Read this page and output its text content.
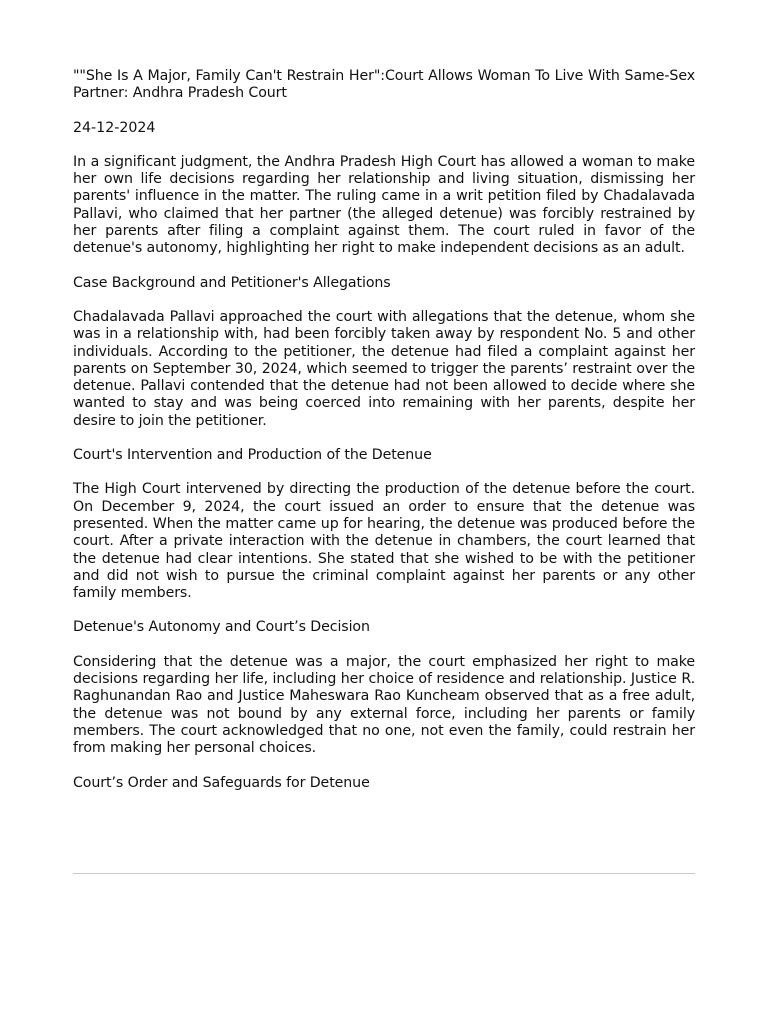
""She Is A Major, Family Can't Restrain Her":Court Allows Woman To Live With Same-Sex Partner: Andhra Pradesh Court

24-12-2024

In a significant judgment, the Andhra Pradesh High Court has allowed a woman to make her own life decisions regarding her relationship and living situation, dismissing her parents' influence in the matter. The ruling came in a writ petition filed by Chadalavada Pallavi, who claimed that her partner (the alleged detenue) was forcibly restrained by her parents after filing a complaint against them. The court ruled in favor of the detenue's autonomy, highlighting her right to make independent decisions as an adult.

Case Background and Petitioner's Allegations

Chadalavada Pallavi approached the court with allegations that the detenue, whom she was in a relationship with, had been forcibly taken away by respondent No. 5 and other individuals. According to the petitioner, the detenue had filed a complaint against her parents on September 30, 2024, which seemed to trigger the parents’ restraint over the detenue. Pallavi contended that the detenue had not been allowed to decide where she wanted to stay and was being coerced into remaining with her parents, despite her desire to join the petitioner.

Court's Intervention and Production of the Detenue

The High Court intervened by directing the production of the detenue before the court. On December 9, 2024, the court issued an order to ensure that the detenue was presented. When the matter came up for hearing, the detenue was produced before the court. After a private interaction with the detenue in chambers, the court learned that the detenue had clear intentions. She stated that she wished to be with the petitioner and did not wish to pursue the criminal complaint against her parents or any other family members.

Detenue's Autonomy and Court’s Decision

Considering that the detenue was a major, the court emphasized her right to make decisions regarding her life, including her choice of residence and relationship. Justice R. Raghunandan Rao and Justice Maheswara Rao Kuncheam observed that as a free adult, the detenue was not bound by any external force, including her parents or family members. The court acknowledged that no one, not even the family, could restrain her from making her personal choices.

Court’s Order and Safeguards for Detenue
